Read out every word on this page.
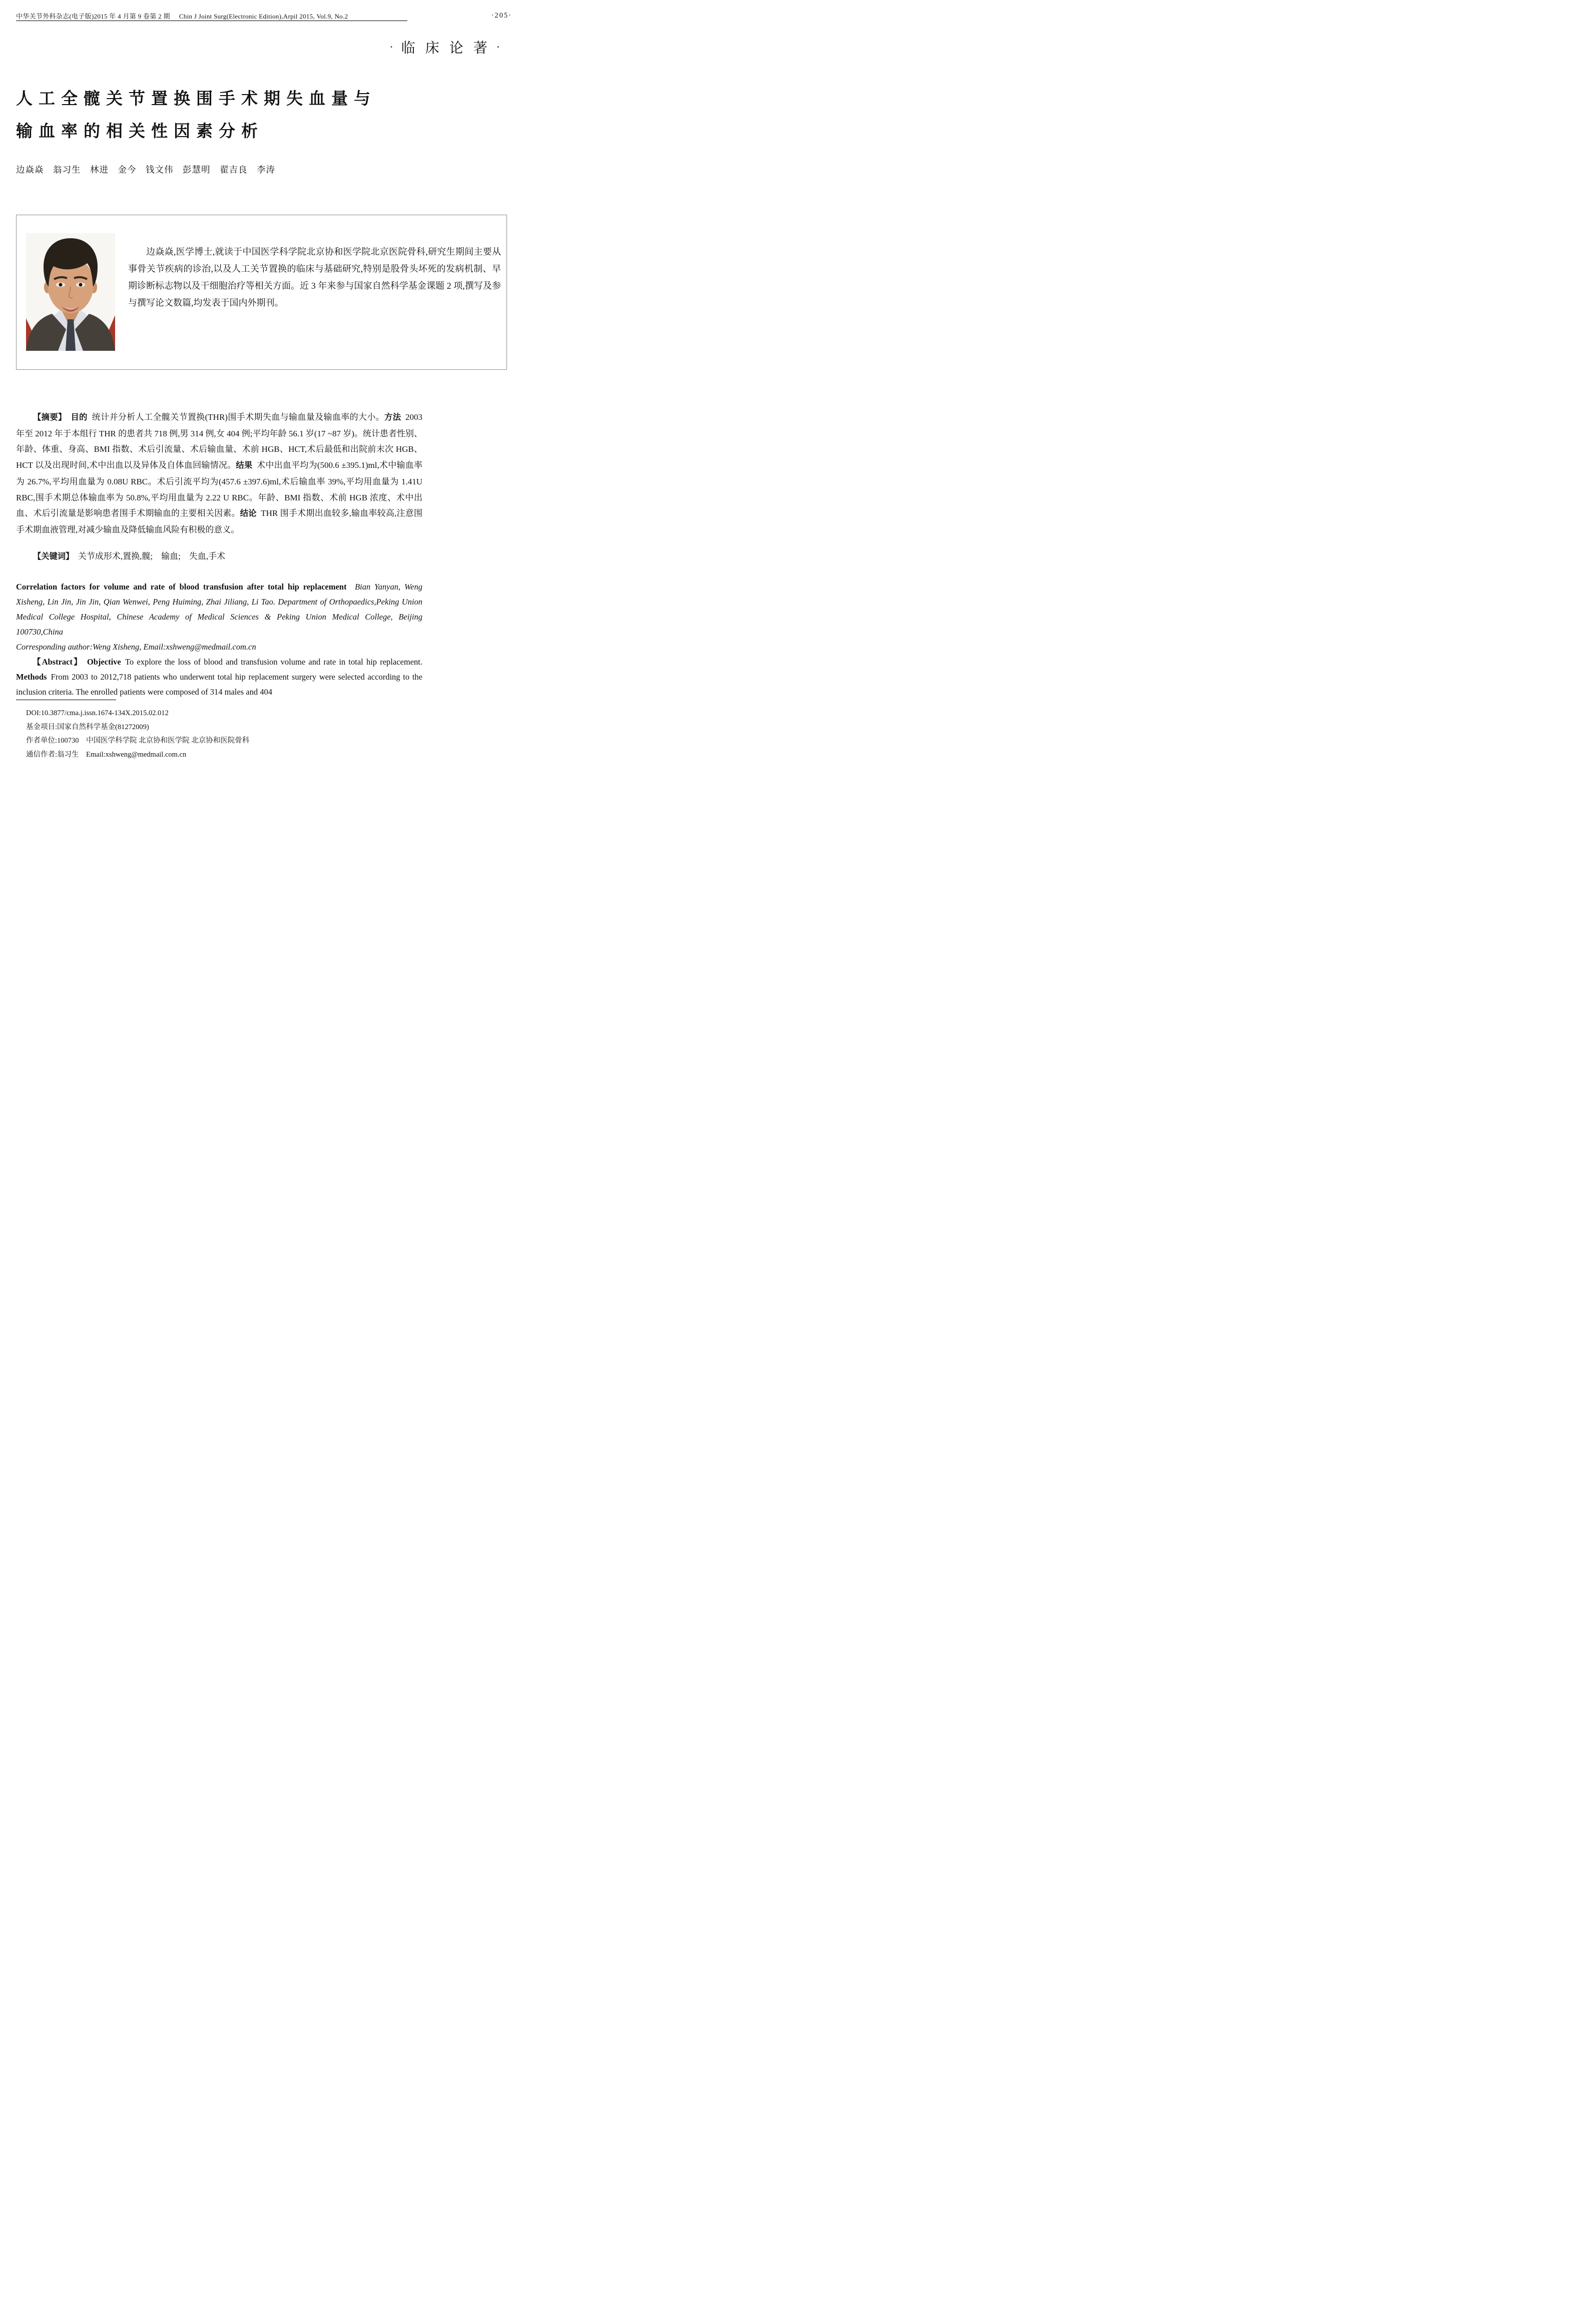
中华关节外科杂志(电子版)2015 年 4 月第 9 卷第 2 期 Chin J Joint Surg(Electronic Edition),Arpil 2015, Vol.9, No.2	·205·
· 临床论著
·
人工全髋关节置换围手术期失血量与
输血率的相关性因素分析
边焱焱　翁习生　林进　金今　钱文伟　彭慧明　翟吉良　李涛

边焱焱,医学博士,就读于中国医学科学院北京协和医学院北京医院骨科,研究生期间主要从事骨关节疾病的诊治,以及人工关节置换的临床与基础研究,特别是股骨头坏死的发病机制、早期诊断标志物以及干细胞治疗等相关方面。近 3 年来参与国家自然科学基金课题 2 项,撰写及参与撰写论文数篇,均发表于国内外期刊。

【摘要】 目的 统计并分析人工全髋关节置换(THR)围手术期失血与输血量及输血率的大小。方法 2003 年至 2012 年于本组行 THR 的患者共 718 例,男 314 例,女 404 例;平均年龄 56.1 岁(17 ~87 岁)。统计患者性别、年龄、体重、身高、BMI 指数、术后引流量、术后输血量、术前 HGB、HCT,术后最低和出院前末次 HGB、HCT 以及出现时间,术中出血以及异体及自体血回输情况。结果 术中出血平均为(500.6 ±395.1)ml,术中输血率为 26.7%,平均用血量为 0.08U RBC。术后引流平均为(457.6 ±397.6)ml,术后输血率 39%,平均用血量为 1.41U RBC,围手术期总体输血率为 50.8%,平均用血量为 2.22 U RBC。年龄、BMI 指数、术前 HGB 浓度、术中出血、术后引流量是影响患者围手术期输血的主要相关因素。结论 THR 围手术期出血较多,输血率较高,注意围手术期血液管理,对减少输血及降低输血风险有积极的意义。

【关键词】 关节成形术,置换,髋;　输血;　失血,手术

Correlation factors for volume and rate of blood transfusion after total hip replacement Bian Yanyan, Weng Xisheng, Lin Jin, Jin Jin, Qian Wenwei, Peng Huiming, Zhai Jiliang, Li Tao. Department of Orthopaedics,Peking Union Medical College Hospital, Chinese Academy of Medical Sciences & Peking Union Medical College, Beijing 100730,China

Corresponding author:Weng Xisheng, Email:xshweng@medmail.com.cn

【Abstract】 Objective To explore the loss of blood and transfusion volume and rate in total hip replacement. Methods From 2003 to 2012,718 patients who underwent total hip replacement surgery were selected according to the inclusion criteria. The enrolled patients were composed of 314 males and 404

DOI:10.3877/cma.j.issn.1674-134X.2015.02.012
基金项目:国家自然科学基金(81272009)
作者单位:100730　中国医学科学院 北京协和医学院 北京协和医院骨科
通信作者:翁习生　Email:xshweng@medmail.com.cn
